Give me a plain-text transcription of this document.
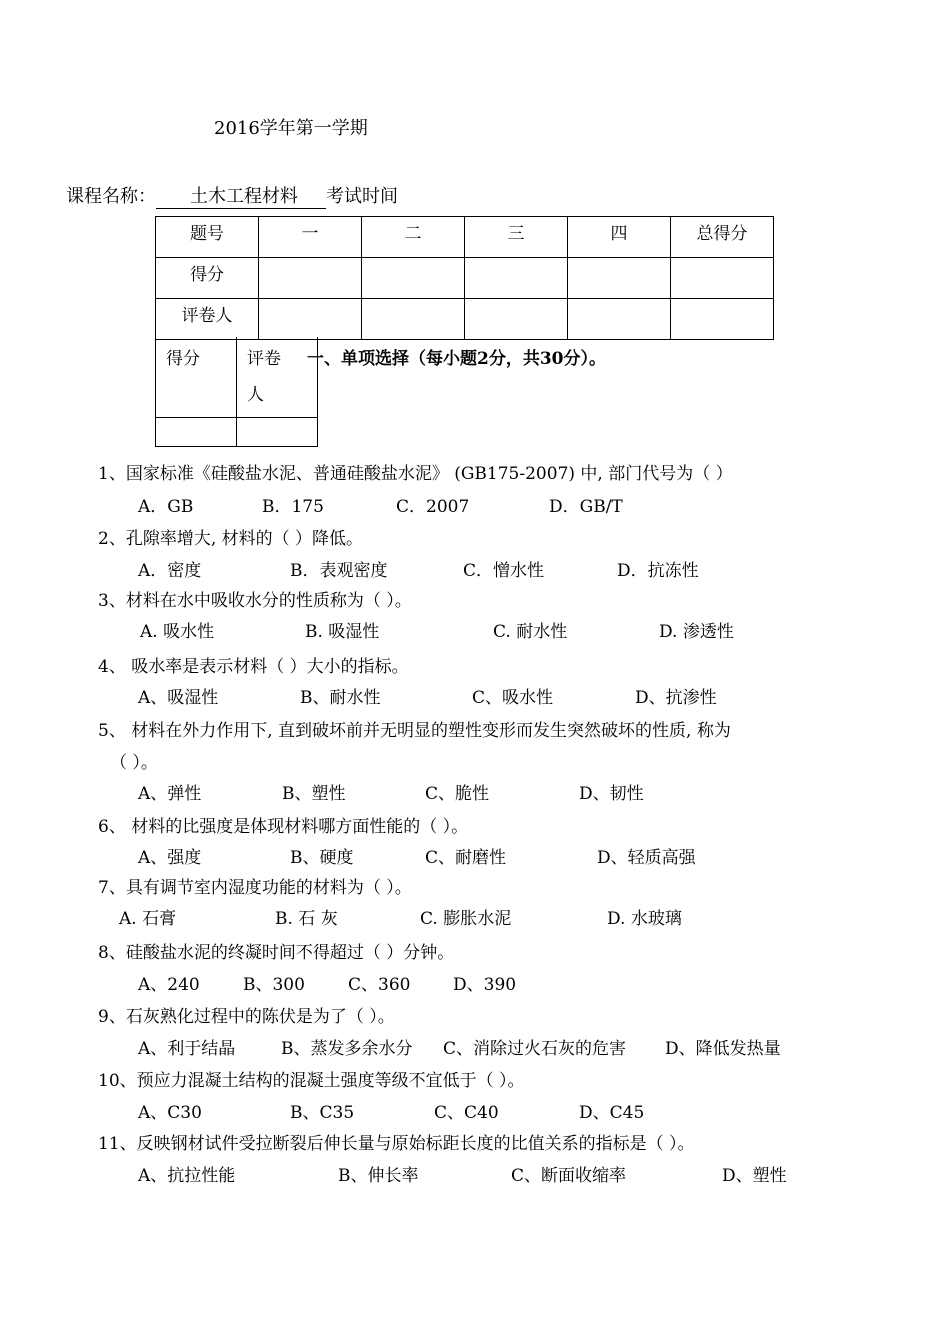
2016学年第一学期
课程名称： 土木工程材料 考试时间
题号	一	二	三	四	总得分
得分					
评卷人					
得分	评卷
人

一、单项选择（每小题2分，共30分）。
1、国家标准《硅酸盐水泥、普通硅酸盐水泥》 (GB175-2007) 中, 部门代号为（ ）
A．GB	B．175	C．2007	D．GB/T
2、孔隙率增大, 材料的（ ）降低。
A．密度	B．表观密度	C．憎水性	D．抗冻性
3、材料在水中吸收水分的性质称为（ ）。
A. 吸水性	B. 吸湿性	C. 耐水性	D. 渗透性
4、 吸水率是表示材料（ ）大小的指标。
A、吸湿性	B、耐水性	C、吸水性	D、抗渗性
5、 材料在外力作用下, 直到破坏前并无明显的塑性变形而发生突然破坏的性质, 称为
（ ）。
A、弹性	B、塑性	C、脆性	D、韧性
6、 材料的比强度是体现材料哪方面性能的（ ）。
A、强度	B、硬度	C、耐磨性	D、轻质高强
7、具有调节室内湿度功能的材料为（ ）。
A. 石膏	B. 石 灰	C. 膨胀水泥	D. 水玻璃
8、硅酸盐水泥的终凝时间不得超过（ ）分钟。
A、240	B、300	C、360	D、390
9、石灰熟化过程中的陈伏是为了（ ）。
A、利于结晶	B、蒸发多余水分 C、消除过火石灰的危害 D、降低发热量
10、预应力混凝土结构的混凝土强度等级不宜低于（ ）。
A、C30	B、C35	C、C40	D、C45
11、反映钢材试件受拉断裂后伸长量与原始标距长度的比值关系的指标是（ ）。
A、抗拉性能	B、伸长率	C、断面收缩率	D、塑性
